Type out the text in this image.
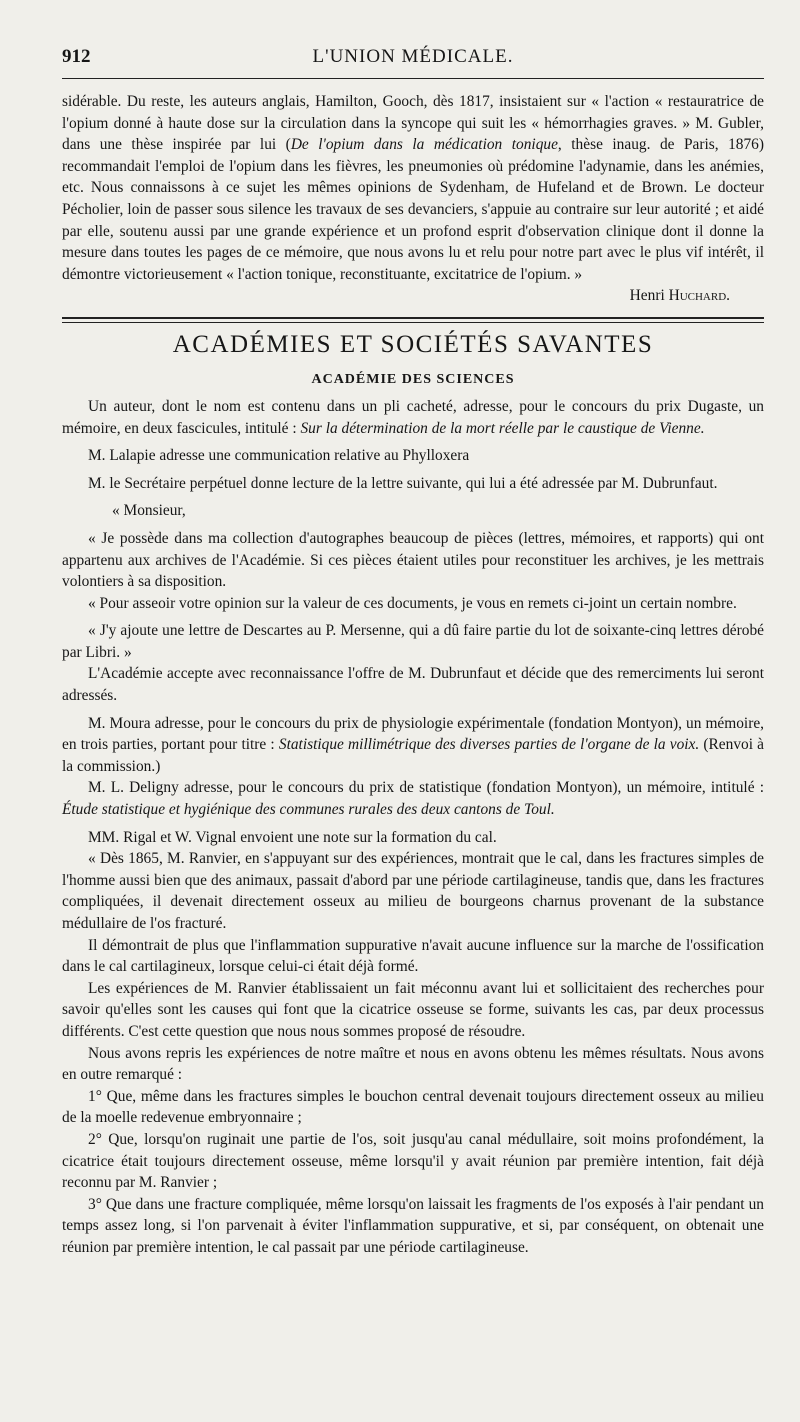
912	L'UNION MÉDICALE.

sidérable. Du reste, les auteurs anglais, Hamilton, Gooch, dès 1817, insistaient sur « l'action « restauratrice de l'opium donné à haute dose sur la circulation dans la syncope qui suit les « hémorrhagies graves. » M. Gubler, dans une thèse inspirée par lui (De l'opium dans la médication tonique, thèse inaug. de Paris, 1876) recommandait l'emploi de l'opium dans les fièvres, les pneumonies où prédomine l'adynamie, dans les anémies, etc. Nous connaissons à ce sujet les mêmes opinions de Sydenham, de Hufeland et de Brown. Le docteur Pécholier, loin de passer sous silence les travaux de ses devanciers, s'appuie au contraire sur leur autorité ; et aidé par elle, soutenu aussi par une grande expérience et un profond esprit d'observation clinique dont il donne la mesure dans toutes les pages de ce mémoire, que nous avons lu et relu pour notre part avec le plus vif intérêt, il démontre victorieusement « l'action tonique, reconstituante, excitatrice de l'opium. »

Henri Huchard.

ACADÉMIES ET SOCIÉTÉS SAVANTES
ACADÉMIE DES SCIENCES

Un auteur, dont le nom est contenu dans un pli cacheté, adresse, pour le concours du prix Dugaste, un mémoire, en deux fascicules, intitulé : Sur la détermination de la mort réelle par le caustique de Vienne.

M. Lalapie adresse une communication relative au Phylloxera

M. le Secrétaire perpétuel donne lecture de la lettre suivante, qui lui a été adressée par M. Dubrunfaut.

« Monsieur,

« Je possède dans ma collection d'autographes beaucoup de pièces (lettres, mémoires, et rapports) qui ont appartenu aux archives de l'Académie. Si ces pièces étaient utiles pour reconstituer les archives, je les mettrais volontiers à sa disposition.

« Pour asseoir votre opinion sur la valeur de ces documents, je vous en remets ci-joint un certain nombre.

« J'y ajoute une lettre de Descartes au P. Mersenne, qui a dû faire partie du lot de soixante-cinq lettres dérobé par Libri. »

L'Académie accepte avec reconnaissance l'offre de M. Dubrunfaut et décide que des remerciments lui seront adressés.

M. Moura adresse, pour le concours du prix de physiologie expérimentale (fondation Montyon), un mémoire, en trois parties, portant pour titre : Statistique millimétrique des diverses parties de l'organe de la voix. (Renvoi à la commission.)

M. L. Deligny adresse, pour le concours du prix de statistique (fondation Montyon), un mémoire, intitulé : Étude statistique et hygiénique des communes rurales des deux cantons de Toul.

MM. Rigal et W. Vignal envoient une note sur la formation du cal.

« Dès 1865, M. Ranvier, en s'appuyant sur des expériences, montrait que le cal, dans les fractures simples de l'homme aussi bien que des animaux, passait d'abord par une période cartilagineuse, tandis que, dans les fractures compliquées, il devenait directement osseux au milieu de bourgeons charnus provenant de la substance médullaire de l'os fracturé.

Il démontrait de plus que l'inflammation suppurative n'avait aucune influence sur la marche de l'ossification dans le cal cartilagineux, lorsque celui-ci était déjà formé.

Les expériences de M. Ranvier établissaient un fait méconnu avant lui et sollicitaient des recherches pour savoir qu'elles sont les causes qui font que la cicatrice osseuse se forme, suivants les cas, par deux processus différents. C'est cette question que nous nous sommes proposé de résoudre.

Nous avons repris les expériences de notre maître et nous en avons obtenu les mêmes résultats. Nous avons en outre remarqué :

1° Que, même dans les fractures simples le bouchon central devenait toujours directement osseux au milieu de la moelle redevenue embryonnaire ;

2° Que, lorsqu'on ruginait une partie de l'os, soit jusqu'au canal médullaire, soit moins profondément, la cicatrice était toujours directement osseuse, même lorsqu'il y avait réunion par première intention, fait déjà reconnu par M. Ranvier ;

3° Que dans une fracture compliquée, même lorsqu'on laissait les fragments de l'os exposés à l'air pendant un temps assez long, si l'on parvenait à éviter l'inflammation suppurative, et si, par conséquent, on obtenait une réunion par première intention, le cal passait par une période cartilagineuse.
